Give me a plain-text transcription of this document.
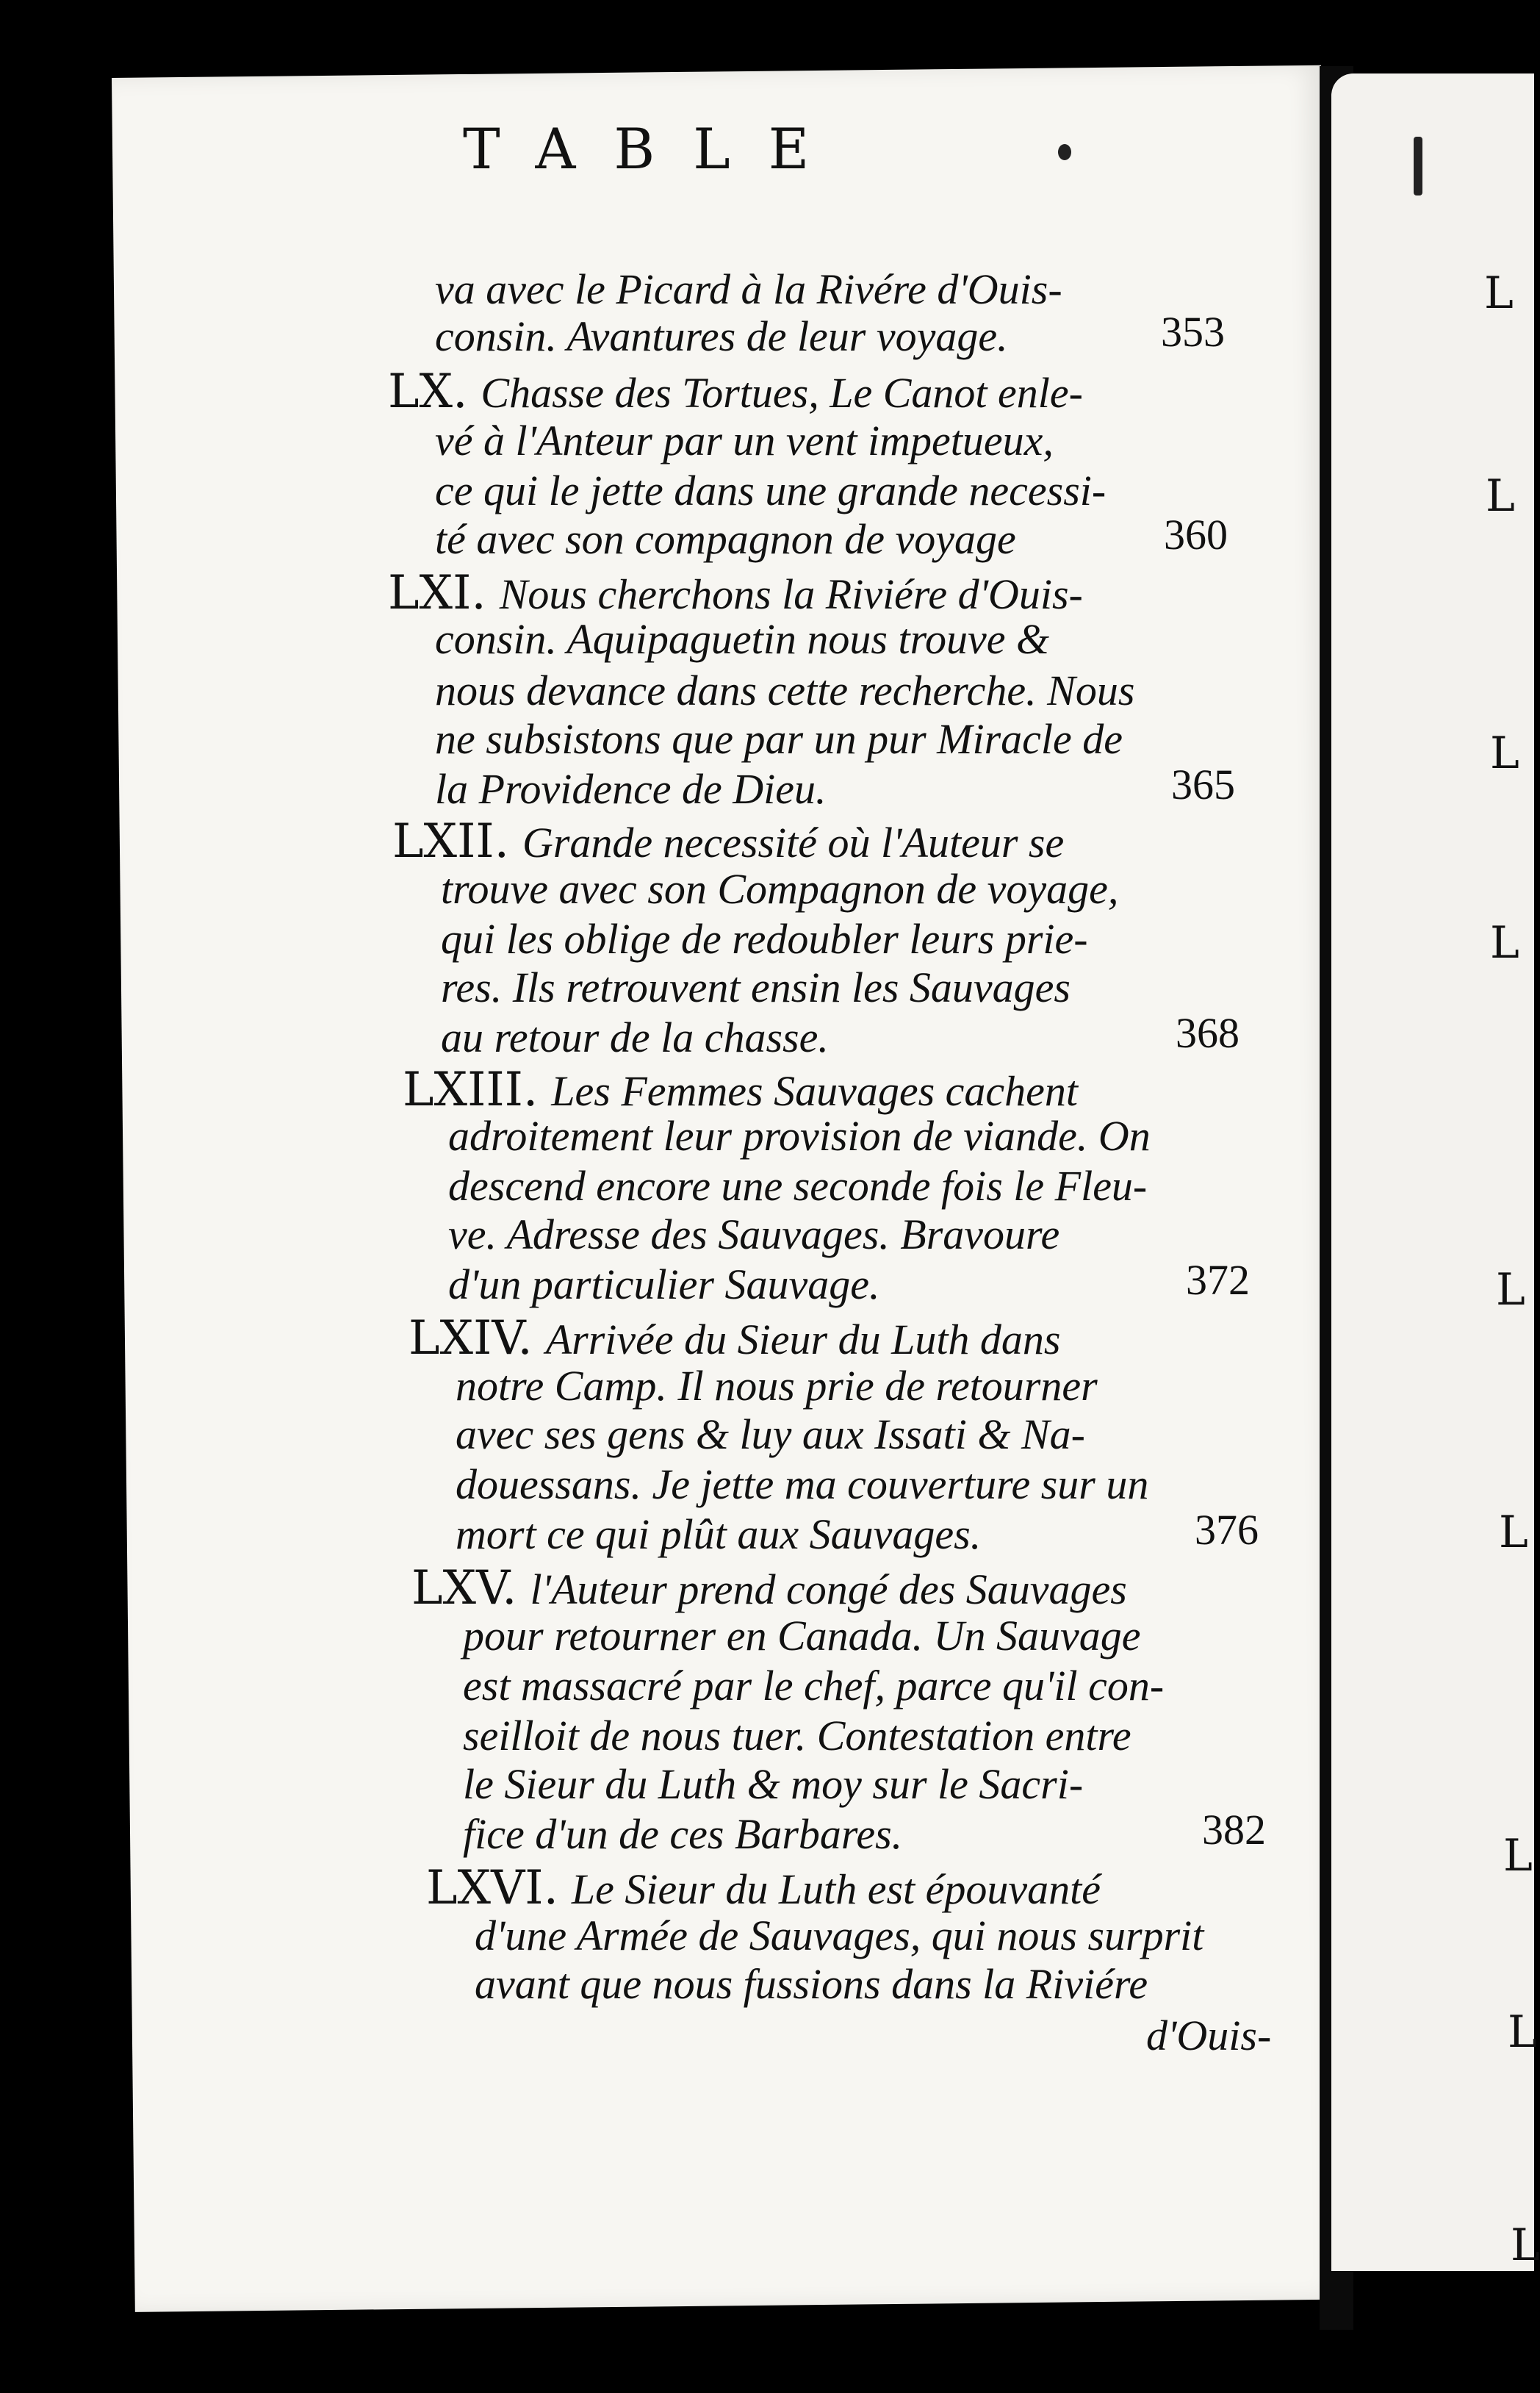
TABLE
va avec le Picard à la Rivére d'Ouis-
consin. Avantures de leur voyage.	353
LX. Chasse des Tortues, Le Canot enle-
vé à l'Anteur par un vent impetueux,
ce qui le jette dans une grande necessi-
té avec son compagnon de voyage	360
LXI. Nous cherchons la Riviére d'Ouis-
consin. Aquipaguetin nous trouve &
nous devance dans cette recherche. Nous
ne subsistons que par un pur Miracle de
la Providence de Dieu.	365
LXII. Grande necessité où l'Auteur se
trouve avec son Compagnon de voyage,
qui les oblige de redoubler leurs prie-
res. Ils retrouvent ensin les Sauvages
au retour de la chasse.	368
LXIII. Les Femmes Sauvages cachent
adroitement leur provision de viande. On
descend encore une seconde fois le Fleu-
ve. Adresse des Sauvages. Bravoure
d'un particulier Sauvage.	372
LXIV. Arrivée du Sieur du Luth dans
notre Camp. Il nous prie de retourner
avec ses gens & luy aux Issati & Na-
douessans. Je jette ma couverture sur un
mort ce qui plût aux Sauvages.	376
LXV. l'Auteur prend congé des Sauvages
pour retourner en Canada. Un Sauvage
est massacré par le chef, parce qu'il con-
seilloit de nous tuer. Contestation entre
le Sieur du Luth & moy sur le Sacri-
fice d'un de ces Barbares.	382
LXVI. Le Sieur du Luth est épouvanté
d'une Armée de Sauvages, qui nous surprit
avant que nous fussions dans la Riviére
d'Ouis-
L
L
L
L
L
L
L
L
L
